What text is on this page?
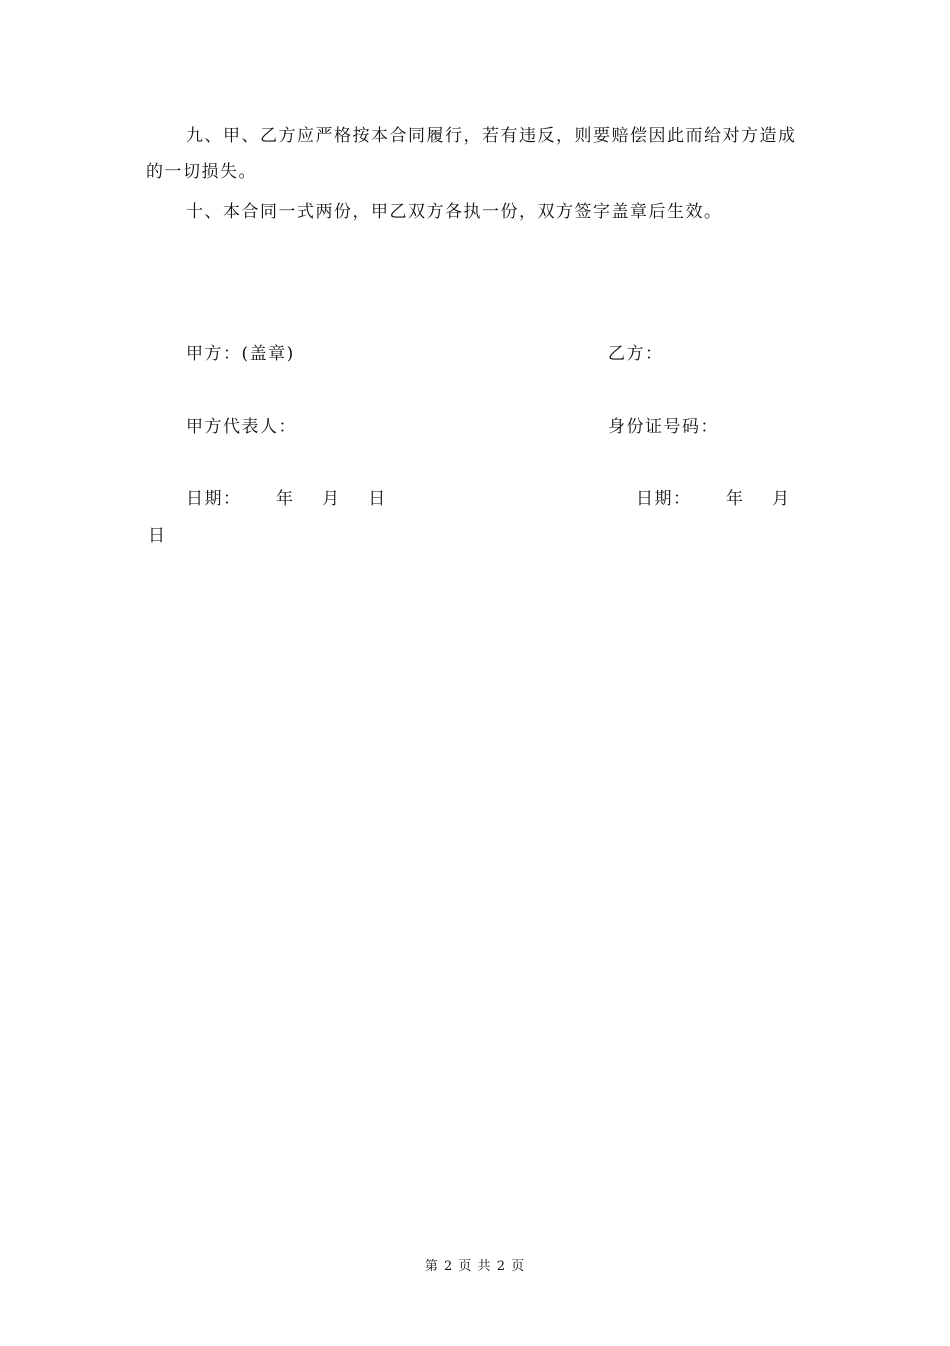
九、甲、乙方应严格按本合同履行，若有违反，则要赔偿因此而给对方造成的一切损失。

十、本合同一式两份，甲乙双方各执一份，双方签字盖章后生效。

甲方：(盖章)	乙方：
甲方代表人：	身份证号码：
日期：     年    月    日	日期：     年    月
日
第 2 页 共 2 页
